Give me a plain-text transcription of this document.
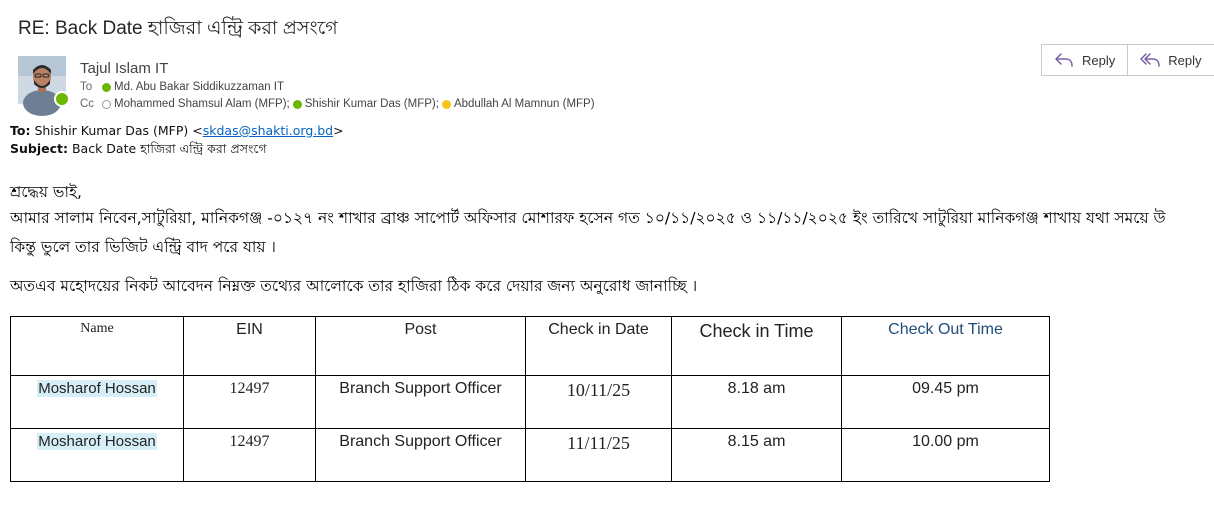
RE: Back Date হাজিরা এন্ট্রি করা প্রসংগে
Reply	Reply
Tajul Islam IT
To	Md. Abu Bakar Siddikuzzaman IT
Cc	Mohammed Shamsul Alam (MFP); Shishir Kumar Das (MFP); Abdullah Al Mamnun (MFP)
To: Shishir Kumar Das (MFP) <skdas@shakti.org.bd>
Subject: Back Date হাজিরা এন্ট্রি করা প্রসংগে
শ্রদ্ধেয় ভাই,
আমার সালাম নিবেন,সাটুরিয়া, মানিকগঞ্জ -০১২৭ নং শাখার ব্রাঞ্চ সাপোর্ট অফিসার মোশারফ হসেন গত ১০/১১/২০২৫ ও ১১/১১/২০২৫ ইং তারিখে সাটুরিয়া মানিকগঞ্জ শাখায় যথা সময়ে উ
কিন্তু ভুলে তার ভিজিট এন্ট্রি বাদ পরে যায় ।
অতএব মহোদয়ের নিকট আবেদন নিম্নক্ত তথ্যের আলোকে তার হাজিরা ঠিক করে দেয়ার জন্য অনুরোধ জানাচ্ছি ।
Name	EIN	Post	Check in Date	Check in Time	Check Out Time
Mosharof Hossan	12497	Branch Support Officer	10/11/25	8.18 am	09.45 pm
Mosharof Hossan	12497	Branch Support Officer	11/11/25	8.15 am	10.00 pm
